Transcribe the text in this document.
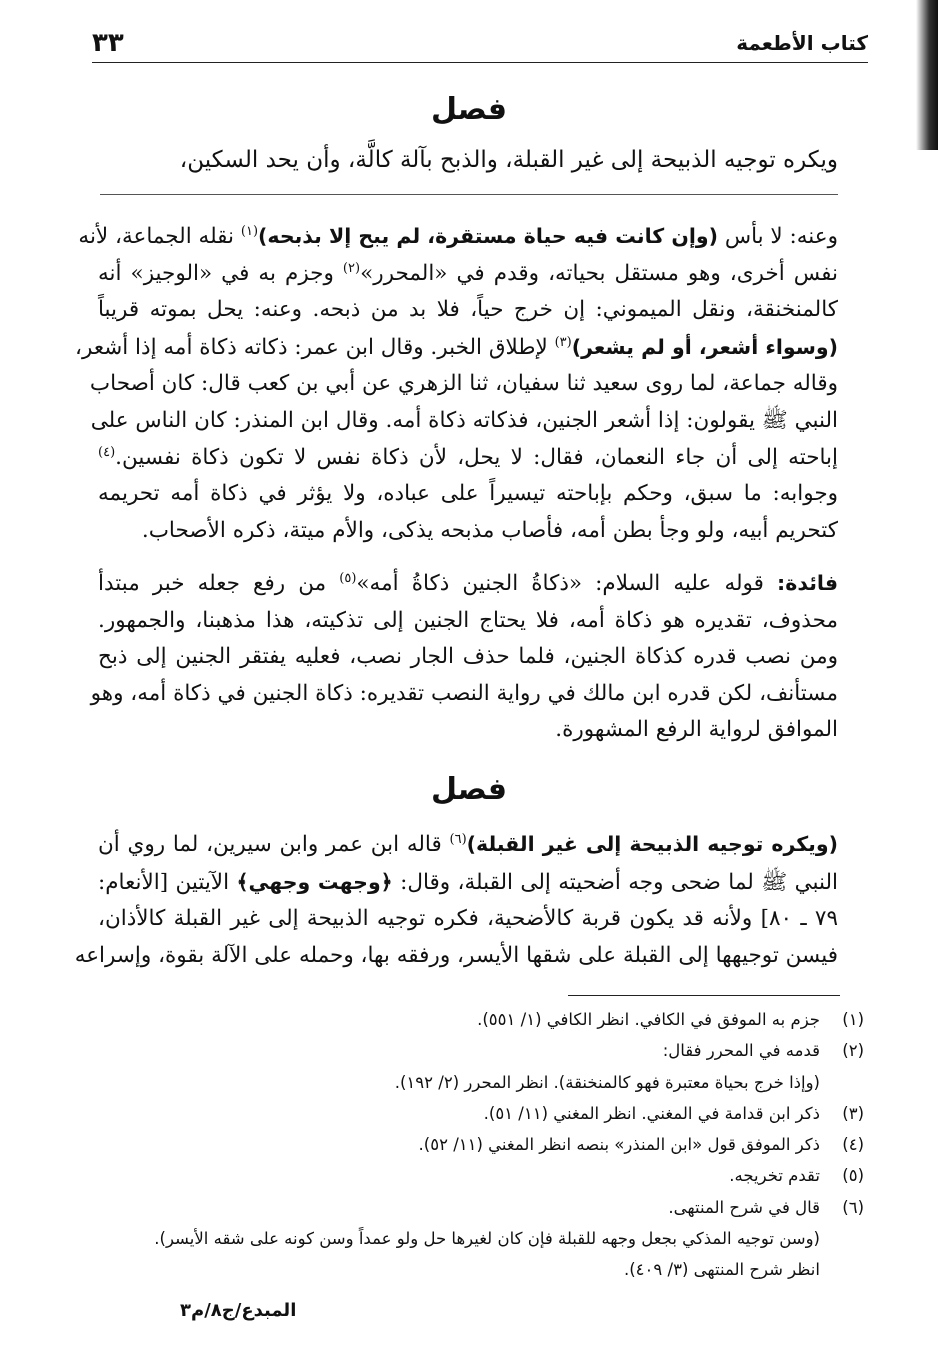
كتاب الأطعمة
٣٣
فصل
ويكره توجيه الذبيحة إلى غير القبلة، والذبح بآلة كالَّة، وأن يحد السكين،
وعنه: لا بأس (وإن كانت فيه حياة مستقرة، لم يبح إلا بذبحه)$^{(١)}$ نقله الجماعة، لأنه
نفس أخرى، وهو مستقل بحياته، وقدم في «المحرر»$^{(٢)}$ وجزم به في «الوجيز» أنه
كالمنخنقة، ونقل الميموني: إن خرج حياً، فلا بد من ذبحه. وعنه: يحل بموته قريباً
(وسواء أشعر، أو لم يشعر)$^{(٣)}$ لإطلاق الخبر. وقال ابن عمر: ذكاته ذكاة أمه إذا أشعر،
وقاله جماعة، لما روى سعيد ثنا سفيان، ثنا الزهري عن أبي بن كعب قال: كان أصحاب
النبي ﷺ يقولون: إذا أشعر الجنين، فذكاته ذكاة أمه. وقال ابن المنذر: كان الناس على
إباحته إلى أن جاء النعمان، فقال: لا يحل، لأن ذكاة نفس لا تكون ذكاة نفسين.$^{(٤)}$
وجوابه: ما سبق، وحكم بإباحته تيسيراً على عباده، ولا يؤثر في ذكاة أمه تحريمه
كتحريم أبيه، ولو وجأ بطن أمه، فأصاب مذبحه يذكى، والأم ميتة، ذكره الأصحاب.
فائدة: قوله عليه السلام: «ذكاةُ الجنين ذكاةُ أمه»$^{(٥)}$ من رفع جعله خبر مبتدأ
محذوف، تقديره هو ذكاة أمه، فلا يحتاج الجنين إلى تذكيته، هذا مذهبنا، والجمهور.
ومن نصب قدره كذكاة الجنين، فلما حذف الجار نصب، فعليه يفتقر الجنين إلى ذبح
مستأنف، لكن قدره ابن مالك في رواية النصب تقديره: ذكاة الجنين في ذكاة أمه، وهو
الموافق لرواية الرفع المشهورة.
فصل
(ويكره توجيه الذبيحة إلى غير القبلة)$^{(٦)}$ قاله ابن عمر وابن سيرين، لما روي أن
النبي ﷺ لما ضحى وجه أضحيته إلى القبلة، وقال: ﴿وجهت وجهي﴾ الآيتين [الأنعام:
٧٩ ـ ٨٠] ولأنه قد يكون قربة كالأضحية، فكره توجيه الذبيحة إلى غير القبلة كالأذان،
فيسن توجيهها إلى القبلة على شقها الأيسر، ورفقه بها، وحمله على الآلة بقوة، وإسراعه
(١)
جزم به الموفق في الكافي. انظر الكافي (١/ ٥٥١).
(٢)
قدمه في المحرر فقال:
(وإذا خرج بحياة معتبرة فهو كالمنخنقة). انظر المحرر (٢/ ١٩٢).
(٣)
ذكر ابن قدامة في المغني. انظر المغني (١١/ ٥١).
(٤)
ذكر الموفق قول «ابن المنذر» بنصه انظر المغني (١١/ ٥٢).
(٥)
تقدم تخريجه.
(٦)
قال في شرح المنتهى.
(وسن توجيه المذكي بجعل وجهه للقبلة فإن كان لغيرها حل ولو عمداً وسن كونه على شقه الأيسر).
انظر شرح المنتهى (٣/ ٤٠٩).
المبدع/ج٨/م٣
